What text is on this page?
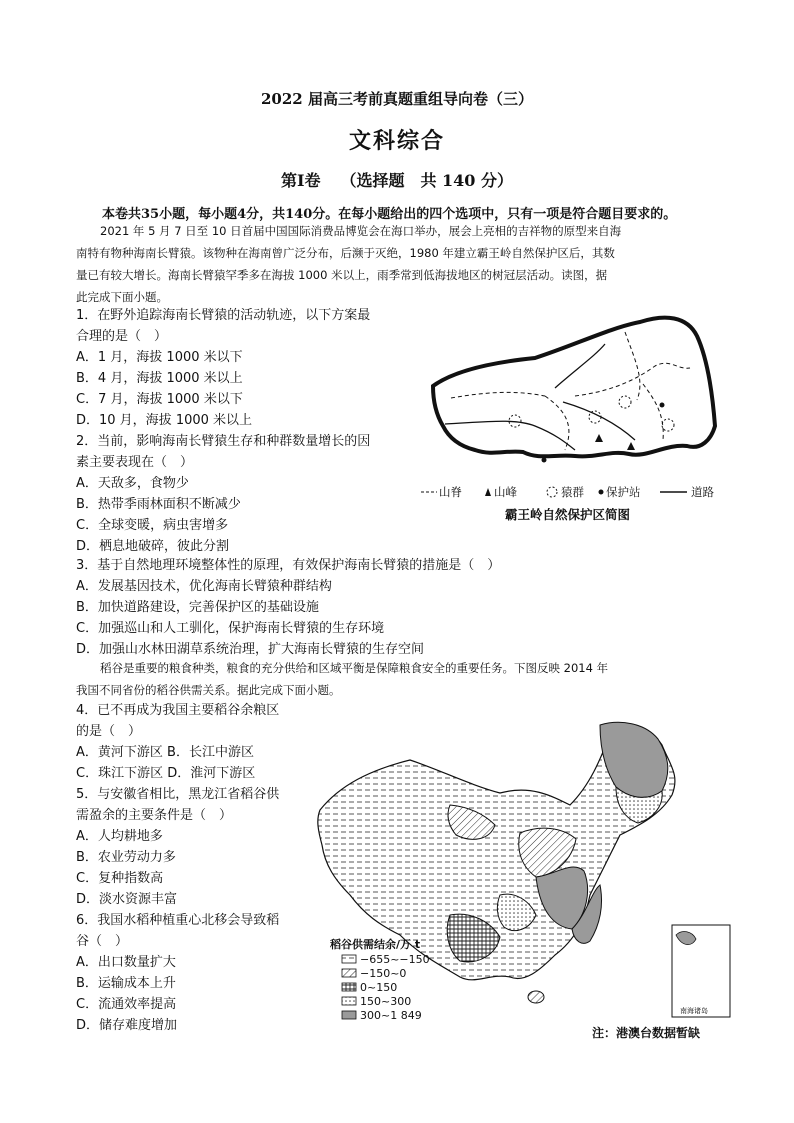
2022 届高三考前真题重组导向卷（三）
文科综合
第Ⅰ卷 （选择题　共 140 分）
本卷共35小题，每小题4分，共140分。在每小题给出的四个选项中，只有一项是符合题目要求的。
2021 年 5 月 7 日至 10 日首届中国国际消费品博览会在海口举办，展会上亮相的吉祥物的原型来自海
南特有物种海南长臂猿。该物种在海南曾广泛分布，后濒于灭绝，1980 年建立霸王岭自然保护区后，其数
量已有较大增长。海南长臂猿罕季多在海拔 1000 米以上，雨季常到低海拔地区的树冠层活动。读图，据
此完成下面小题。
1．在野外追踪海南长臂猿的活动轨迹，以下方案最
合理的是（　）
A．1 月，海拔 1000 米以下
B．4 月，海拔 1000 米以上
C．7 月，海拔 1000 米以下
D．10 月，海拔 1000 米以上
2．当前，影响海南长臂猿生存和种群数量增长的因
素主要表现在（　）
A．天敌多，食物少
B．热带季雨林面积不断减少
C．全球变暖，病虫害增多
D．栖息地破碎，彼此分割
3．基于自然地理环境整体性的原理，有效保护海南长臂猿的措施是（　）
A．发展基因技术，优化海南长臂猿种群结构
B．加快道路建设，完善保护区的基础设施
C．加强巡山和人工驯化，保护海南长臂猿的生存环境
D．加强山水林田湖草系统治理，扩大海南长臂猿的生存空间
山脊	山峰	猿群 保护站	道路
霸王岭自然保护区简图
稻谷是重要的粮食种类，粮食的充分供给和区域平衡是保障粮食安全的重要任务。下图反映 2014 年
我国不同省份的稻谷供需关系。据此完成下面小题。
4．已不再成为我国主要稻谷余粮区
的是（　）
A．黄河下游区 B．长江中游区
C．珠江下游区 D．淮河下游区
5．与安徽省相比，黑龙江省稻谷供
需盈余的主要条件是（　）
A．人均耕地多
B．农业劳动力多
C．复种指数高
D．淡水资源丰富
6．我国水稻种植重心北移会导致稻
谷（　）
A．出口数量扩大
B．运输成本上升
C．流通效率提高
D．储存难度增加
南海诸岛
稻谷供需结余/万 t
−655~−150
−150~0
0~150
150~300
300~1 849
注：港澳台数据暂缺
